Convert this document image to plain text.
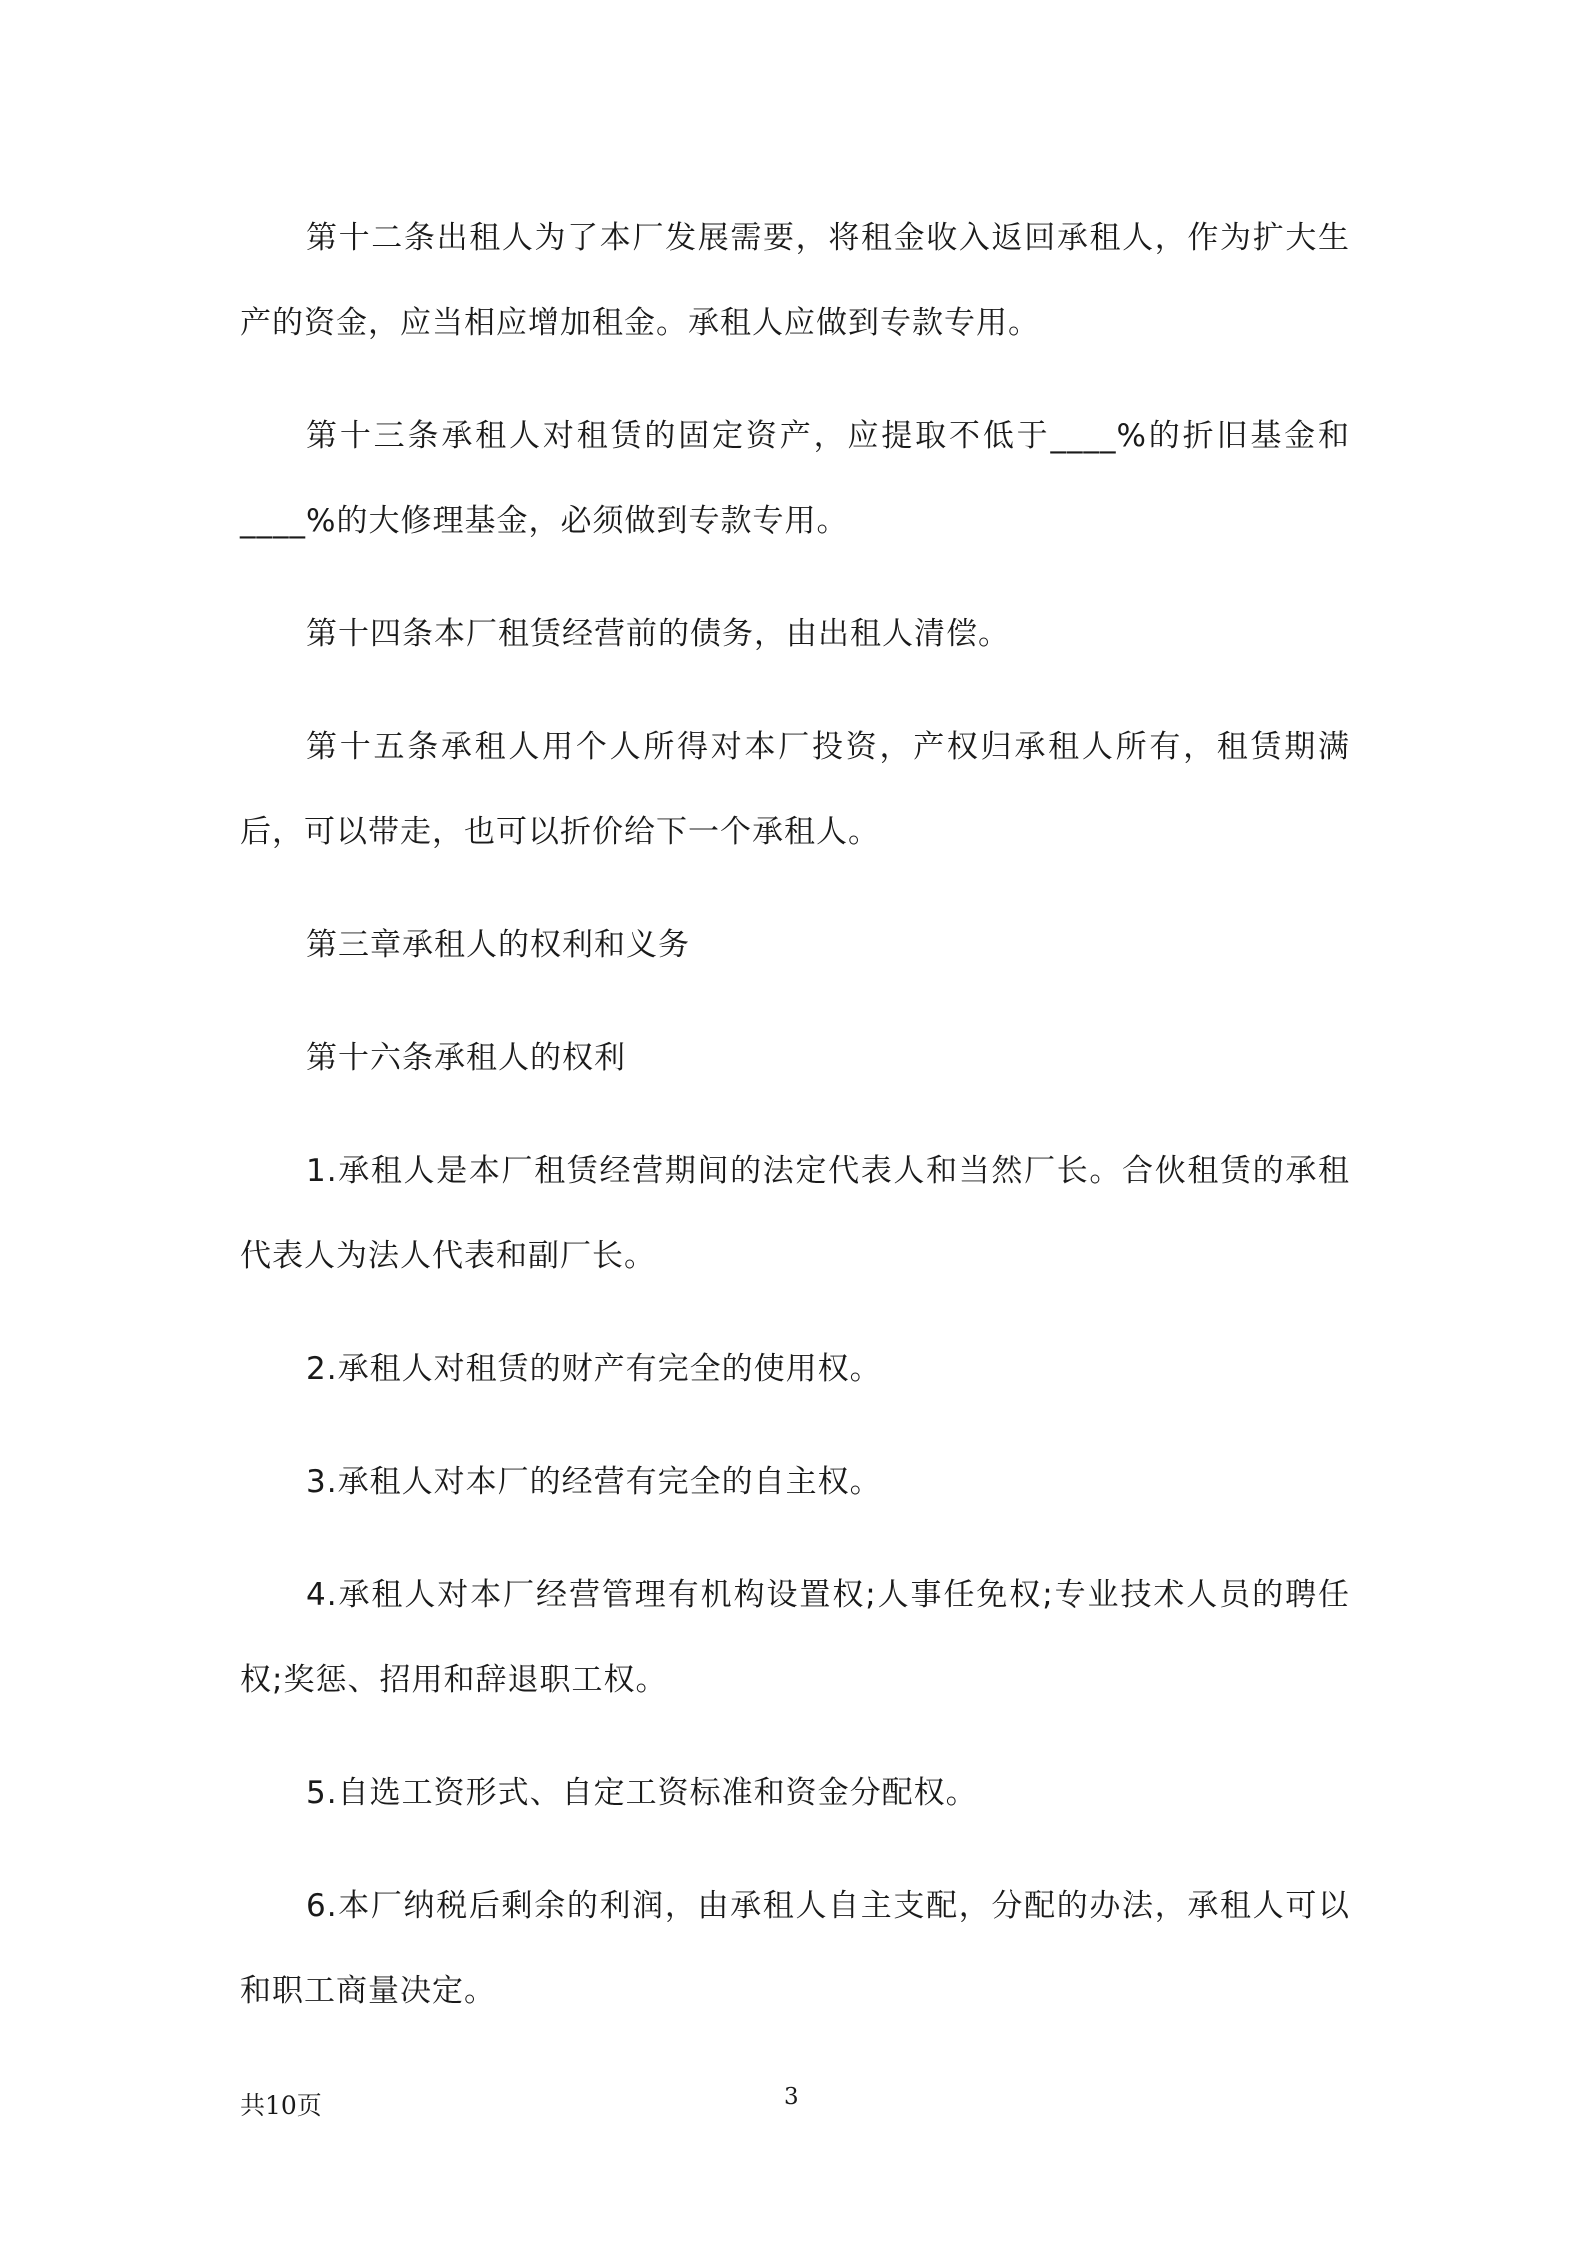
第十二条出租人为了本厂发展需要，将租金收入返回承租人，作为扩大生产的资金，应当相应增加租金。承租人应做到专款专用。

第十三条承租人对租赁的固定资产，应提取不低于____%的折旧基金和____%的大修理基金，必须做到专款专用。

第十四条本厂租赁经营前的债务，由出租人清偿。

第十五条承租人用个人所得对本厂投资，产权归承租人所有，租赁期满后，可以带走，也可以折价给下一个承租人。

第三章承租人的权利和义务

第十六条承租人的权利

1.承租人是本厂租赁经营期间的法定代表人和当然厂长。合伙租赁的承租代表人为法人代表和副厂长。

2.承租人对租赁的财产有完全的使用权。

3.承租人对本厂的经营有完全的自主权。

4.承租人对本厂经营管理有机构设置权;人事任免权;专业技术人员的聘任权;奖惩、招用和辞退职工权。

5.自选工资形式、自定工资标准和资金分配权。

6.本厂纳税后剩余的利润，由承租人自主支配，分配的办法，承租人可以和职工商量决定。

共10页	3
